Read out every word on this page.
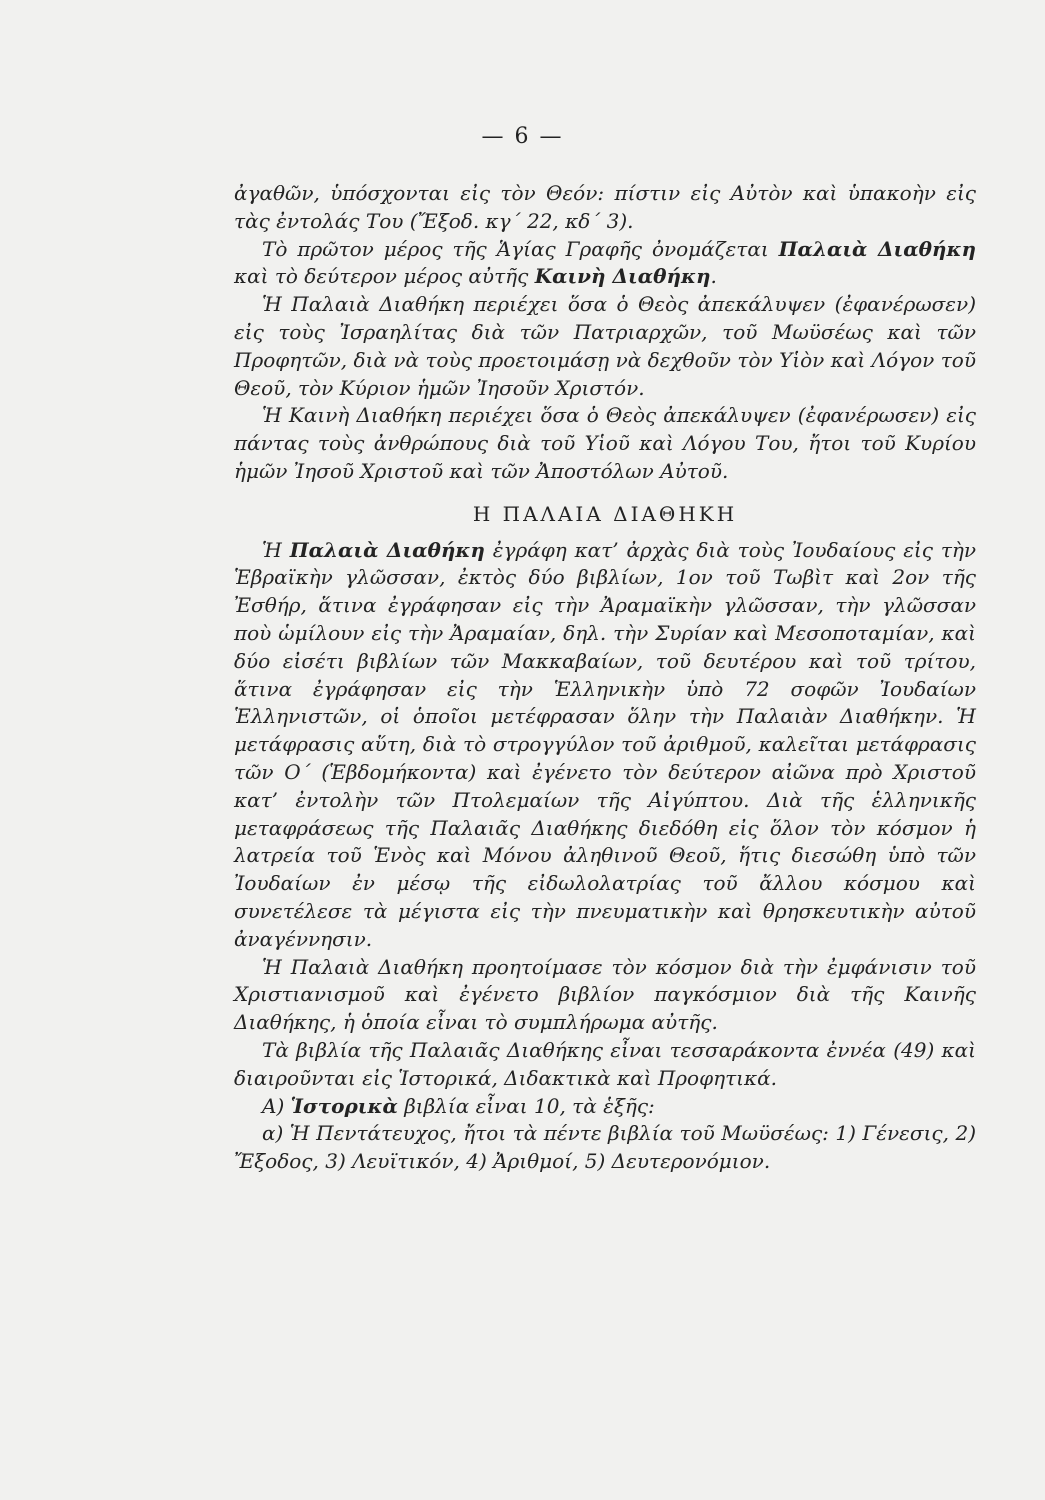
— 6 —

ἀγαθῶν, ὑπόσχονται εἰς τὸν Θεόν: πίστιν εἰς Αὐτὸν καὶ ὑπακοὴν εἰς τὰς ἐντολάς Του (Ἔξοδ. κγ΄ 22, κδ΄ 3).

Τὸ πρῶτον μέρος τῆς Ἁγίας Γραφῆς ὀνομάζεται Παλαιὰ Διαθήκη καὶ τὸ δεύτερον μέρος αὐτῆς Καινὴ Διαθήκη.

Ἡ Παλαιὰ Διαθήκη περιέχει ὅσα ὁ Θεὸς ἀπεκάλυψεν (ἐφανέρωσεν) εἰς τοὺς Ἰσραηλίτας διὰ τῶν Πατριαρχῶν, τοῦ Μωϋσέως καὶ τῶν Προφητῶν, διὰ νὰ τοὺς προετοιμάσῃ νὰ δεχθοῦν τὸν Υἱὸν καὶ Λόγον τοῦ Θεοῦ, τὸν Κύριον ἡμῶν Ἰησοῦν Χριστόν.

Ἡ Καινὴ Διαθήκη περιέχει ὅσα ὁ Θεὸς ἀπεκάλυψεν (ἐφανέρωσεν) εἰς πάντας τοὺς ἀνθρώπους διὰ τοῦ Υἱοῦ καὶ Λόγου Του, ἤτοι τοῦ Κυρίου ἡμῶν Ἰησοῦ Χριστοῦ καὶ τῶν Ἀποστόλων Αὐτοῦ.

Η ΠΑΛΑΙΑ ΔΙΑΘΗΚΗ

Ἡ Παλαιὰ Διαθήκη ἐγράφη κατ’ ἀρχὰς διὰ τοὺς Ἰουδαίους εἰς τὴν Ἑβραϊκὴν γλῶσσαν, ἐκτὸς δύο βιβλίων, 1ον τοῦ Τωβὶτ καὶ 2ον τῆς Ἐσθήρ, ἅτινα ἐγράφησαν εἰς τὴν Ἀραμαϊκὴν γλῶσσαν, τὴν γλῶσσαν ποὺ ὡμίλουν εἰς τὴν Ἀραμαίαν, δηλ. τὴν Συρίαν καὶ Μεσοποταμίαν, καὶ δύο εἰσέτι βιβλίων τῶν Μακκαβαίων, τοῦ δευτέρου καὶ τοῦ τρίτου, ἅτινα ἐγράφησαν εἰς τὴν Ἑλληνικὴν ὑπὸ 72 σοφῶν Ἰουδαίων Ἑλληνιστῶν, οἱ ὁποῖοι μετέφρασαν ὅλην τὴν Παλαιὰν Διαθήκην. Ἡ μετάφρασις αὕτη, διὰ τὸ στρογγύλον τοῦ ἀριθμοῦ, καλεῖται μετάφρασις τῶν Ο΄ (Ἑβδομήκοντα) καὶ ἐγένετο τὸν δεύτερον αἰῶνα πρὸ Χριστοῦ κατ’ ἐντολὴν τῶν Πτολεμαίων τῆς Αἰγύπτου. Διὰ τῆς ἑλληνικῆς μεταφράσεως τῆς Παλαιᾶς Διαθήκης διεδόθη εἰς ὅλον τὸν κόσμον ἡ λατρεία τοῦ Ἑνὸς καὶ Μόνου ἀληθινοῦ Θεοῦ, ἥτις διεσώθη ὑπὸ τῶν Ἰουδαίων ἐν μέσῳ τῆς εἰδωλολατρίας τοῦ ἄλλου κόσμου καὶ συνετέλεσε τὰ μέγιστα εἰς τὴν πνευματικὴν καὶ θρησκευτικὴν αὐτοῦ ἀναγέννησιν.

Ἡ Παλαιὰ Διαθήκη προητοίμασε τὸν κόσμον διὰ τὴν ἐμφάνισιν τοῦ Χριστιανισμοῦ καὶ ἐγένετο βιβλίον παγκόσμιον διὰ τῆς Καινῆς Διαθήκης, ἡ ὁποία εἶναι τὸ συμπλήρωμα αὐτῆς.

Τὰ βιβλία τῆς Παλαιᾶς Διαθήκης εἶναι τεσσαράκοντα ἐννέα (49) καὶ διαιροῦνται εἰς Ἱστορικά, Διδακτικὰ καὶ Προφητικά.

Α) Ἱστορικὰ βιβλία εἶναι 10, τὰ ἑξῆς:

α) Ἡ Πεντάτευχος, ἤτοι τὰ πέντε βιβλία τοῦ Μωϋσέως: 1) Γένεσις, 2) Ἔξοδος, 3) Λευϊτικόν, 4) Ἀριθμοί, 5) Δευτερονόμιον.
